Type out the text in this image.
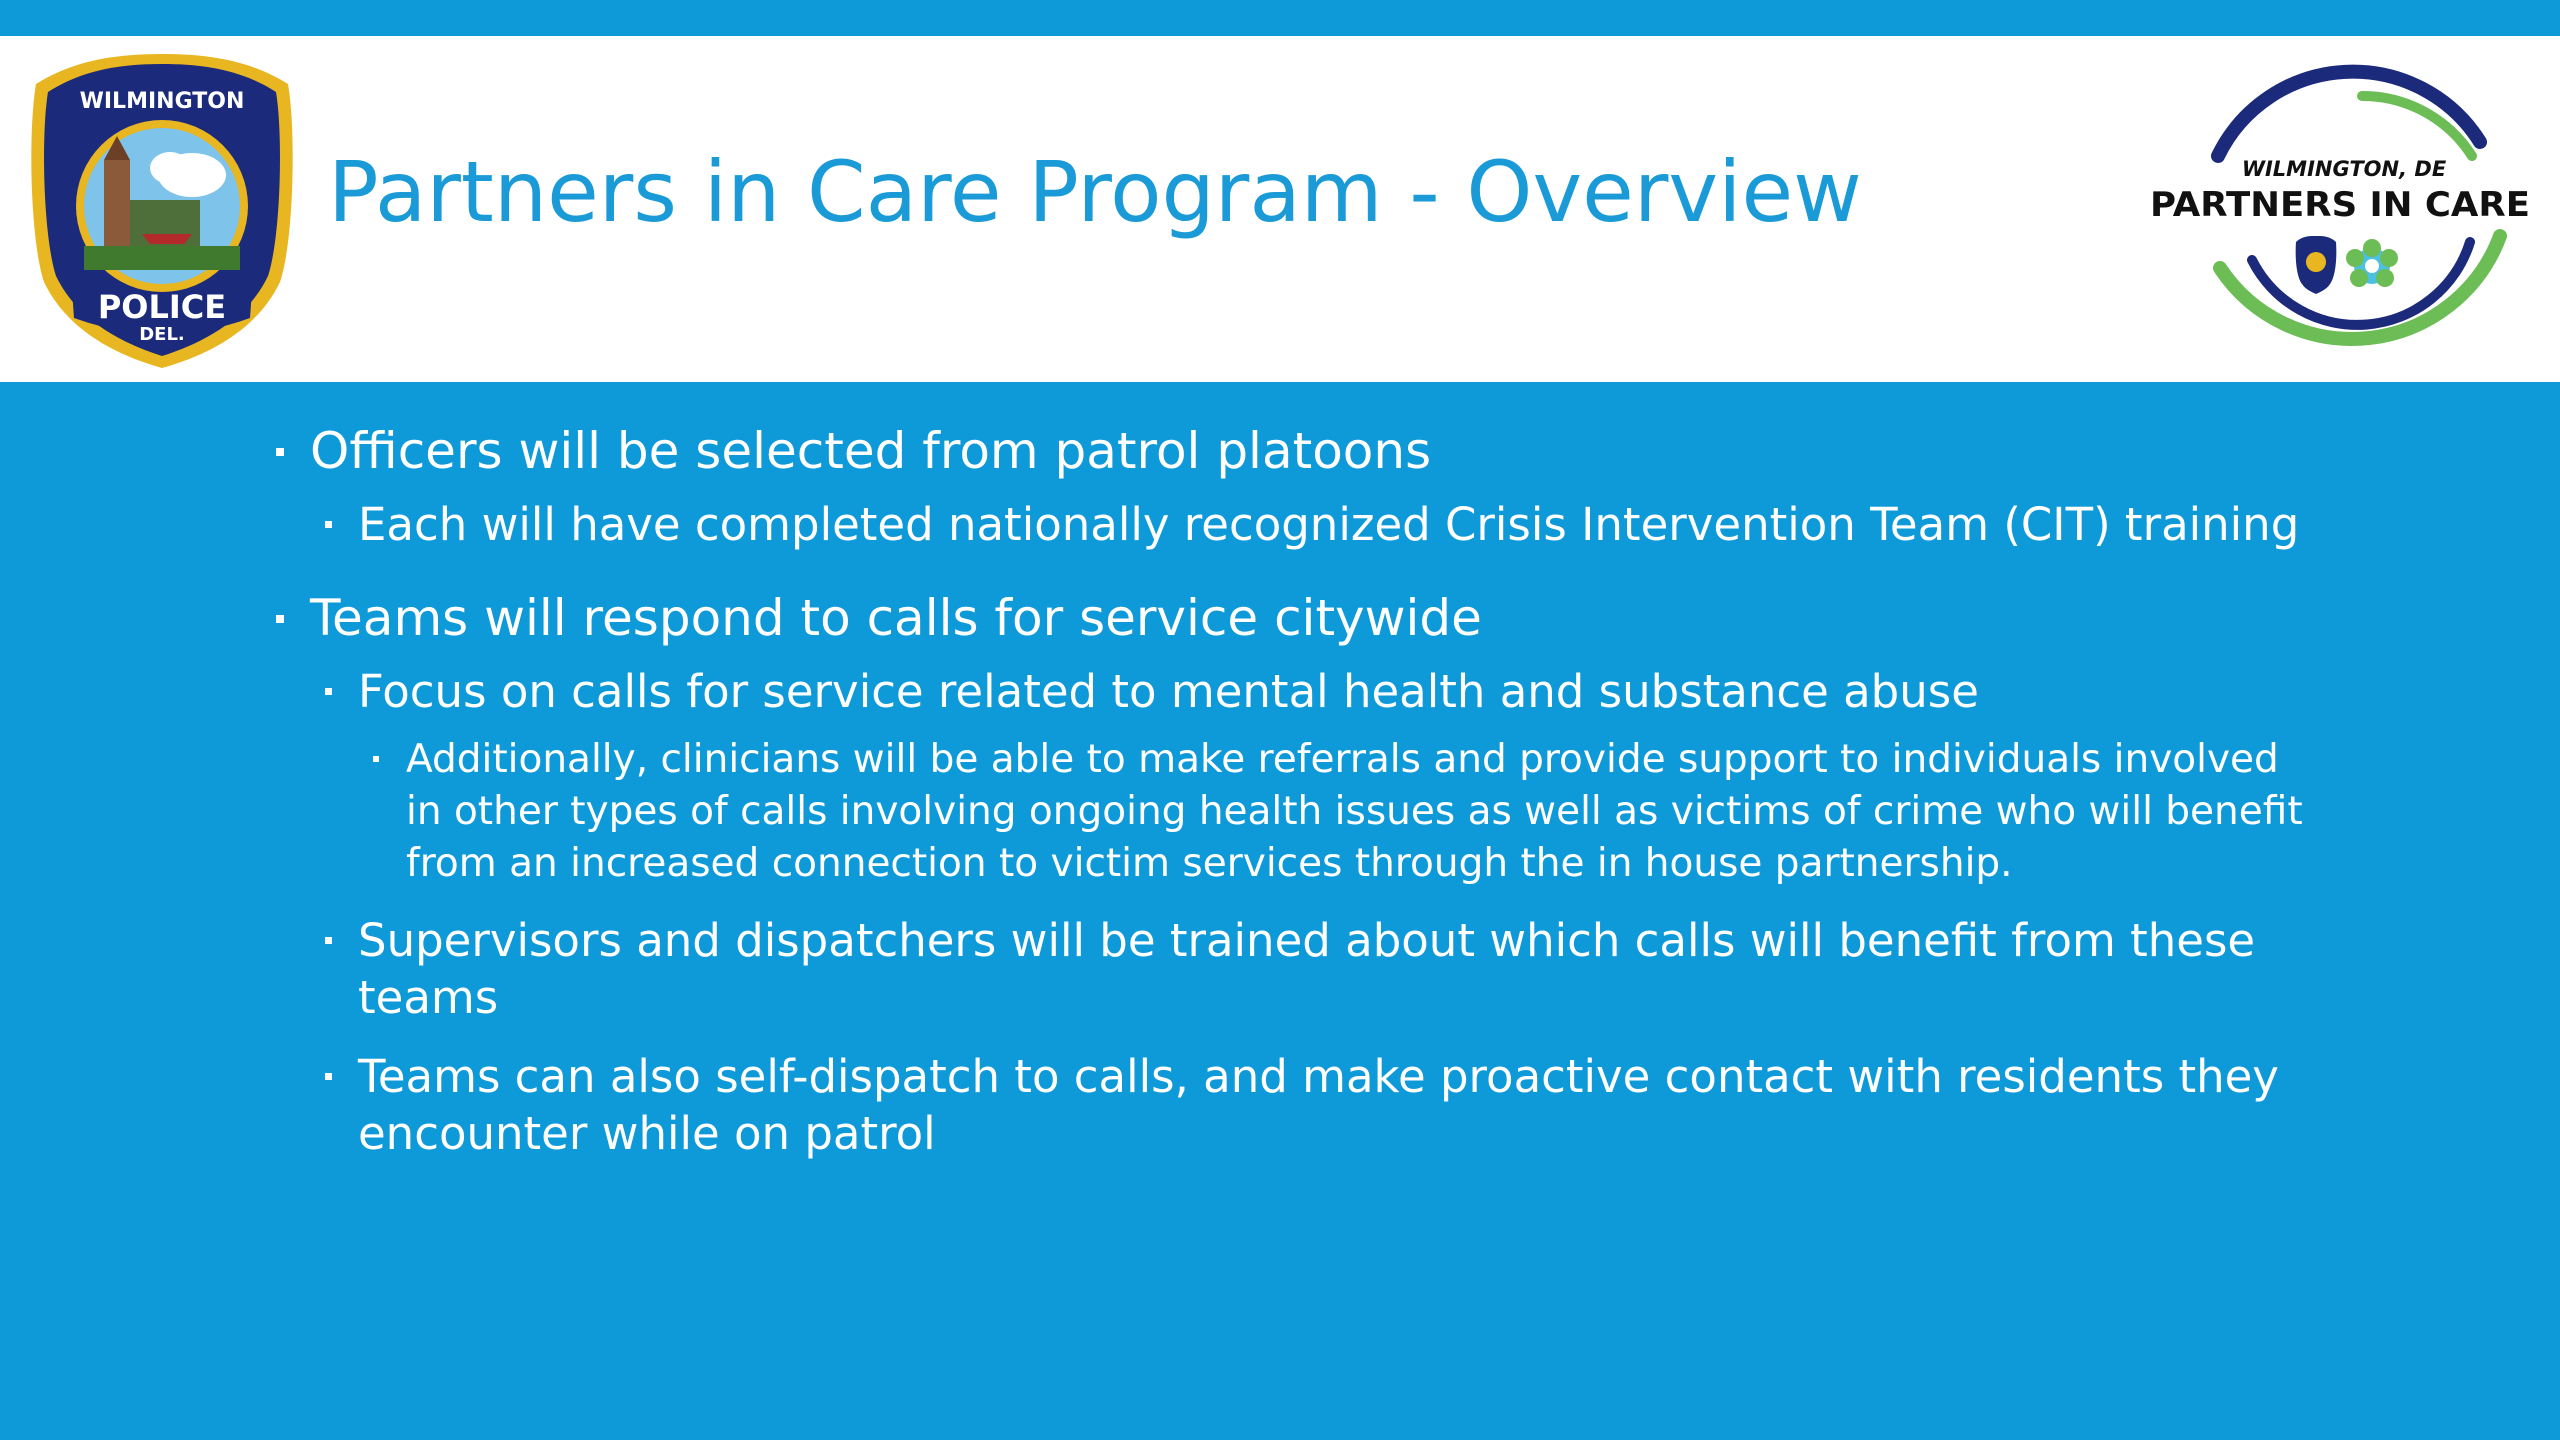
WILMINGTON
POLICE
DEL.
Partners in Care Program - Overview	WILMINGTON, DE
PARTNERS IN CARE
Officers will be selected from patrol platoons
Each will have completed nationally recognized Crisis Intervention Team (CIT) training
Teams will respond to calls for service citywide
Focus on calls for service related to mental health and substance abuse
Additionally, clinicians will be able to make referrals and provide support to individuals involved in other types of calls involving ongoing health issues as well as victims of crime who will benefit from an increased connection to victim services through the in house partnership.
Supervisors and dispatchers will be trained about which calls will benefit from these teams
Teams can also self-dispatch to calls, and make proactive contact with residents they encounter while on patrol
